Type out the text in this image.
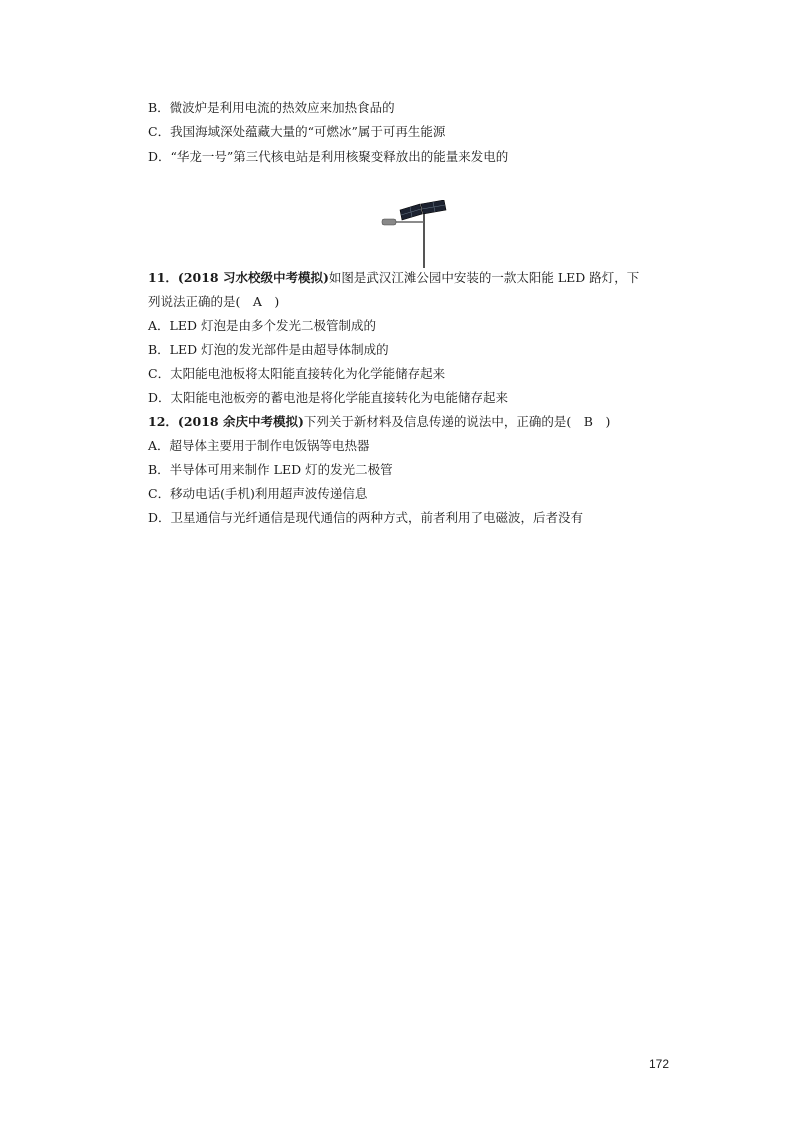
B．微波炉是利用电流的热效应来加热食品的
C．我国海域深处蕴藏大量的“可燃冰”属于可再生能源
D．“华龙一号”第三代核电站是利用核聚变释放出的能量来发电的
11．(2018 习水校级中考模拟)如图是武汉江滩公园中安装的一款太阳能 LED 路灯，下
列说法正确的是(　A　)
A．LED 灯泡是由多个发光二极管制成的
B．LED 灯泡的发光部件是由超导体制成的
C．太阳能电池板将太阳能直接转化为化学能储存起来
D．太阳能电池板旁的蓄电池是将化学能直接转化为电能储存起来
12．(2018 余庆中考模拟)下列关于新材料及信息传递的说法中，正确的是(　B　)
A．超导体主要用于制作电饭锅等电热器
B．半导体可用来制作 LED 灯的发光二极管
C．移动电话(手机)利用超声波传递信息
D．卫星通信与光纤通信是现代通信的两种方式，前者利用了电磁波，后者没有
172
